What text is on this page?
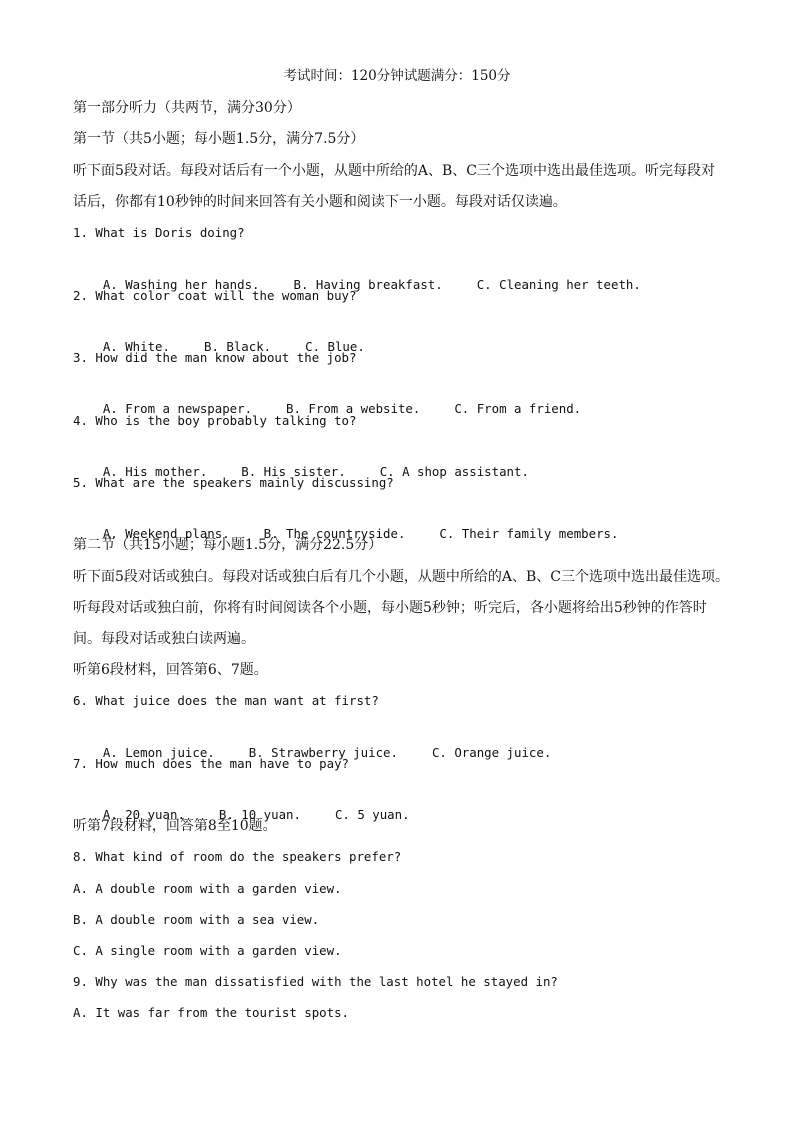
考试时间：120分钟试题满分：150分
第一部分听力（共两节，满分30分）
第一节（共5小题；每小题1.5分，满分7.5分）
听下面5段对话。每段对话后有一个小题，从题中所给的A、B、C三个选项中选出最佳选项。听完每段对
话后，你都有10秒钟的时间来回答有关小题和阅读下一小题。每段对话仅读遍。
1. What is Doris doing?

A. Washing her hands.	B. Having breakfast.	C. Cleaning her teeth.

2. What color coat will the woman buy?

A. White.	B. Black.	C. Blue.

3. How did the man know about the job?

A. From a newspaper.	B. From a website.	C. From a friend.

4. Who is the boy probably talking to?

A. His mother.	B. His sister.	C. A shop assistant.

5. What are the speakers mainly discussing?

A. Weekend plans.	B. The countryside.	C. Their family members.

第二节（共15小题；每小题1.5分，满分22.5分）
听下面5段对话或独白。每段对话或独白后有几个小题，从题中所给的A、B、C三个选项中选出最佳选项。
听每段对话或独白前，你将有时间阅读各个小题，每小题5秒钟；听完后，各小题将给出5秒钟的作答时
间。每段对话或独白读两遍。
听第6段材料，回答第6、7题。
6. What juice does the man want at first?

A. Lemon juice.	B. Strawberry juice.	C. Orange juice.

7. How much does the man have to pay?

A. 20 yuan.	B. 10 yuan.	C. 5 yuan.

听第7段材料，回答第8至10题。
8. What kind of room do the speakers prefer?
A. A double room with a garden view.
B. A double room with a sea view.
C. A single room with a garden view.
9. Why was the man dissatisfied with the last hotel he stayed in?
A. It was far from the tourist spots.
